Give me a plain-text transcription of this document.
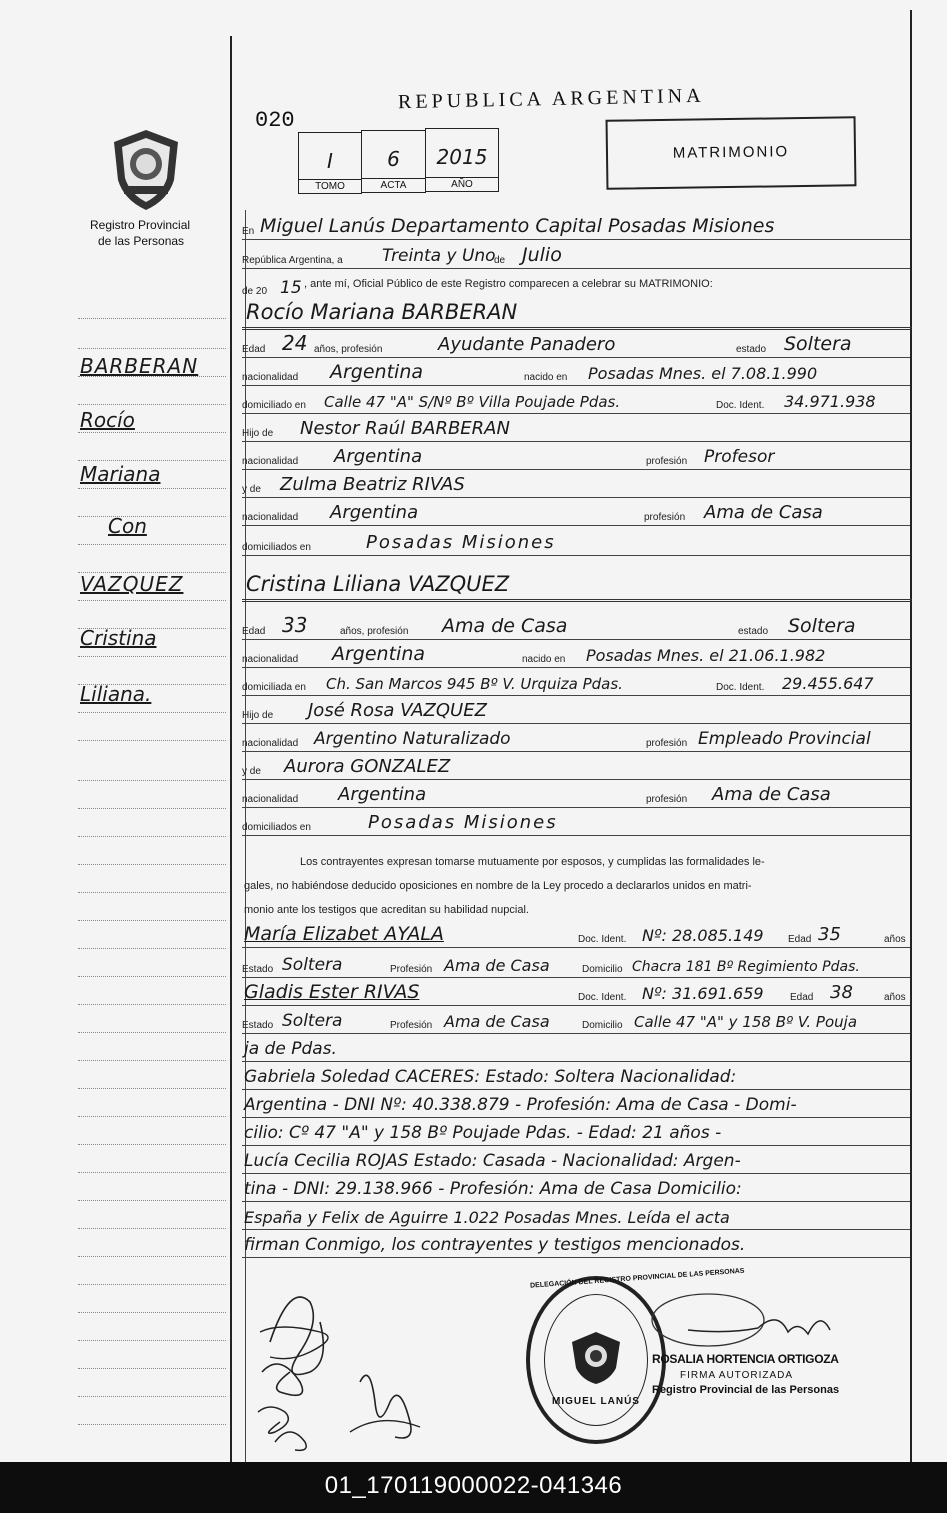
020
REPUBLICA ARGENTINA
I
TOMO
6
ACTA
2015
AÑO
MATRIMONIO
Registro Provincial
de las Personas
BARBERAN
Rocío
Mariana
Con
VAZQUEZ
Cristina
Liliana.
En Miguel Lanús Departamento Capital Posadas Misiones
República Argentina, a Treinta y Uno
de Julio
de 20 15 , ante mí, Oficial Público de este Registro comparecen a celebrar su MATRIMONIO:
Rocío Mariana BARBERAN
Edad 24 años, profesión	Ayudante Panadero	estado Soltera
nacionalidad Argentina	nacido en Posadas Mnes. el 7.08.1.990
domiciliado en Calle 47 "A" S/Nº Bº Villa Poujade Pdas.	Doc. Ident. 34.971.938
Hijo de Nestor Raúl BARBERAN
nacionalidad Argentina	profesión Profesor
y de Zulma Beatriz RIVAS
nacionalidad Argentina	profesión Ama de Casa
domiciliados en	Posadas Misiones
Cristina Liliana VAZQUEZ
Edad 33	años, profesión Ama de Casa	estado Soltera
nacionalidad Argentina	nacido en Posadas Mnes. el 21.06.1.982
domiciliada en Ch. San Marcos 945 Bº V. Urquiza Pdas.	Doc. Ident. 29.455.647
Hijo de José Rosa VAZQUEZ
nacionalidad Argentino Naturalizado	profesión Empleado Provincial
y de Aurora GONZALEZ
nacionalidad Argentina	profesión Ama de Casa
domiciliados en	Posadas Misiones
Los contrayentes expresan tomarse mutuamente por esposos, y cumplidas las formalidades le-
gales, no habiéndose deducido oposiciones en nombre de la Ley procedo a declararlos unidos en matri-
monio ante los testigos que acreditan su habilidad nupcial.
María Elizabet AYALA	Doc. Ident. Nº: 28.085.149 Edad 35	años
Estado Soltera	Profesión Ama de Casa	Domicilio Chacra 181 Bº Regimiento Pdas.
Gladis Ester RIVAS	Doc. Ident. Nº: 31.691.659	Edad 38	años
Estado Soltera	Profesión Ama de Casa	Domicilio Calle 47 "A" y 158 Bº V. Pouja
ja de Pdas.
Gabriela Soledad CACERES: Estado: Soltera Nacionalidad:
Argentina - DNI Nº: 40.338.879 - Profesión: Ama de Casa - Domi-
cilio: Cº 47 "A" y 158 Bº Poujade Pdas. - Edad: 21 años -
Lucía Cecilia ROJAS Estado: Casada - Nacionalidad: Argen-
tina - DNI: 29.138.966 - Profesión: Ama de Casa Domicilio:
España y Felix de Aguirre 1.022 Posadas Mnes. Leída el acta
firman Conmigo, los contrayentes y testigos mencionados.
DELEGACIÓN DEL REGISTRO PROVINCIAL DE LAS PERSONAS
MIGUEL LANÚS
ROSALIA HORTENCIA ORTIGOZA
FIRMA AUTORIZADA
Registro Provincial de las Personas
01_170119000022-041346
